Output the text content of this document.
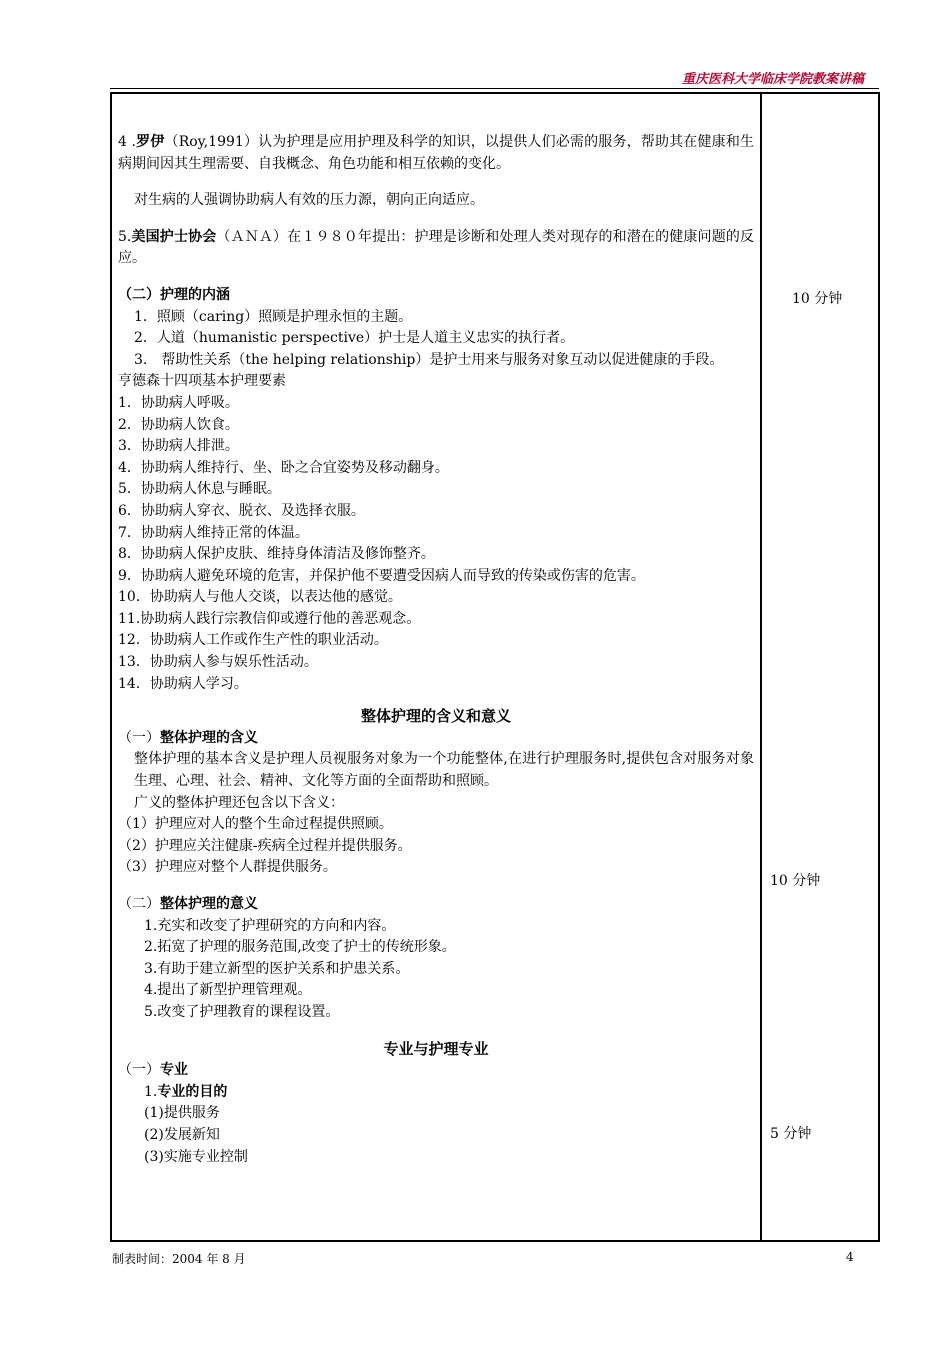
重庆医科大学临床学院教案讲稿

4 .罗伊（Roy,1991）认为护理是应用护理及科学的知识，以提供人们必需的服务，帮助其在健康和生病期间因其生理需要、自我概念、角色功能和相互依赖的变化。

对生病的人强调协助病人有效的压力源，朝向正向适应。

5.美国护士协会（ＡＮＡ）在１９８０年提出：护理是诊断和处理人类对现存的和潜在的健康问题的反应。

（二）护理的内涵

1．照顾（caring）照顾是护理永恒的主题。

2．人道（humanistic perspective）护士是人道主义忠实的执行者。

3.　帮助性关系（the helping relationship）是护士用来与服务对象互动以促进健康的手段。

亨德森十四项基本护理要素

1．协助病人呼吸。

2．协助病人饮食。

3．协助病人排泄。

4．协助病人维持行、坐、卧之合宜姿势及移动翻身。

5．协助病人休息与睡眠。

6．协助病人穿衣、脱衣、及选择衣服。

7．协助病人维持正常的体温。

8．协助病人保护皮肤、维持身体清洁及修饰整齐。

9．协助病人避免环境的危害，并保护他不要遭受因病人而导致的传染或伤害的危害。

10．协助病人与他人交谈，以表达他的感觉。

11.协助病人践行宗教信仰或遵行他的善恶观念。

12．协助病人工作或作生产性的职业活动。

13．协助病人参与娱乐性活动。

14．协助病人学习。

整体护理的含义和意义

（一）整体护理的含义

整体护理的基本含义是护理人员视服务对象为一个功能整体,在进行护理服务时,提供包含对服务对象生理、心理、社会、精神、文化等方面的全面帮助和照顾。

广义的整体护理还包含以下含义：

（1）护理应对人的整个生命过程提供照顾。

（2）护理应关注健康-疾病全过程并提供服务。

（3）护理应对整个人群提供服务。

（二）整体护理的意义

1.充实和改变了护理研究的方向和内容。

2.拓宽了护理的服务范围,改变了护士的传统形象。

3.有助于建立新型的医护关系和护患关系。

4.提出了新型护理管理观。

5.改变了护理教育的课程设置。

专业与护理专业

（一）专业

1.专业的目的

(1)提供服务

(2)发展新知

(3)实施专业控制

10 分钟
10 分钟
5 分钟
制表时间：2004 年 8 月	4
